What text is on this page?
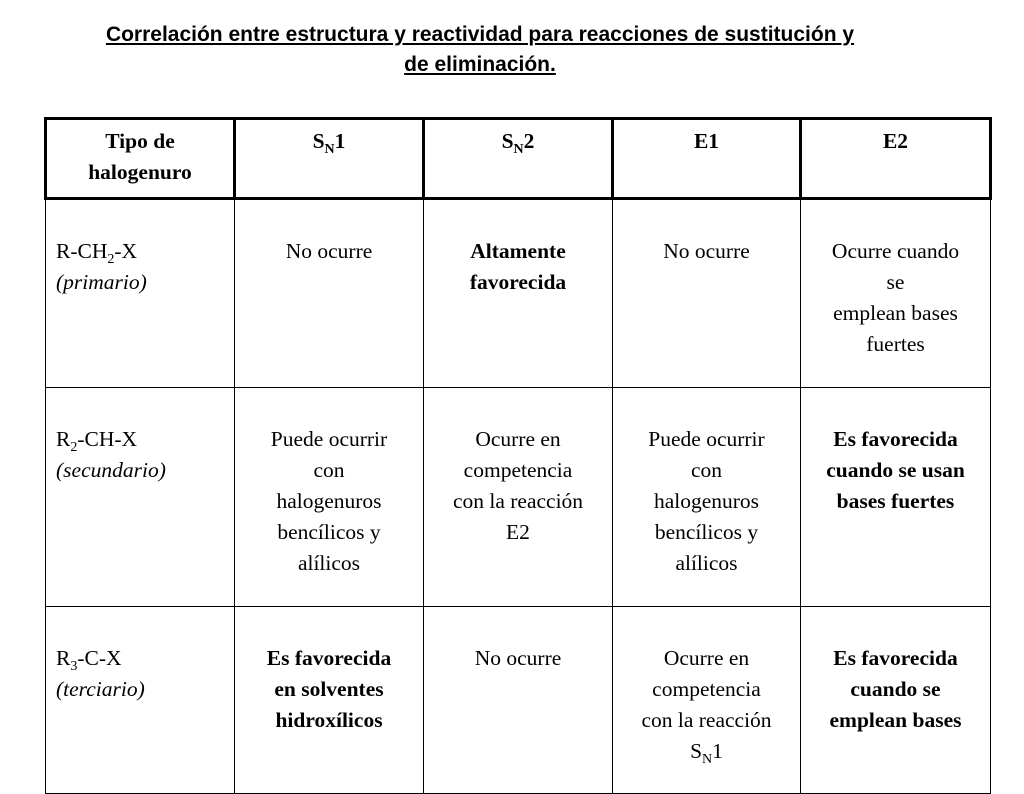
Correlación entre estructura y reactividad para reacciones de sustitución y
de eliminación.
Tipo de
halogenuro	$S_N1$	$S_N2$	E1	E2

$R-CH_2-X$
(primario)	No ocurre	Altamente
favorecida	No ocurre	Ocurre cuando
se
emplean bases
fuertes

$R_2-CH-X$
(secundario)	Puede ocurrir
con
halogenuros
bencílicos y
alílicos	Ocurre en
competencia
con la reacción
E2	Puede ocurrir
con
halogenuros
bencílicos y
alílicos	Es favorecida
cuando se usan
bases fuertes

$R_3-C-X$
(terciario)	Es favorecida
en solventes
hidroxílicos	No ocurre	Ocurre en
competencia
con la reacción
$S_N1$	Es favorecida
cuando se
emplean bases
